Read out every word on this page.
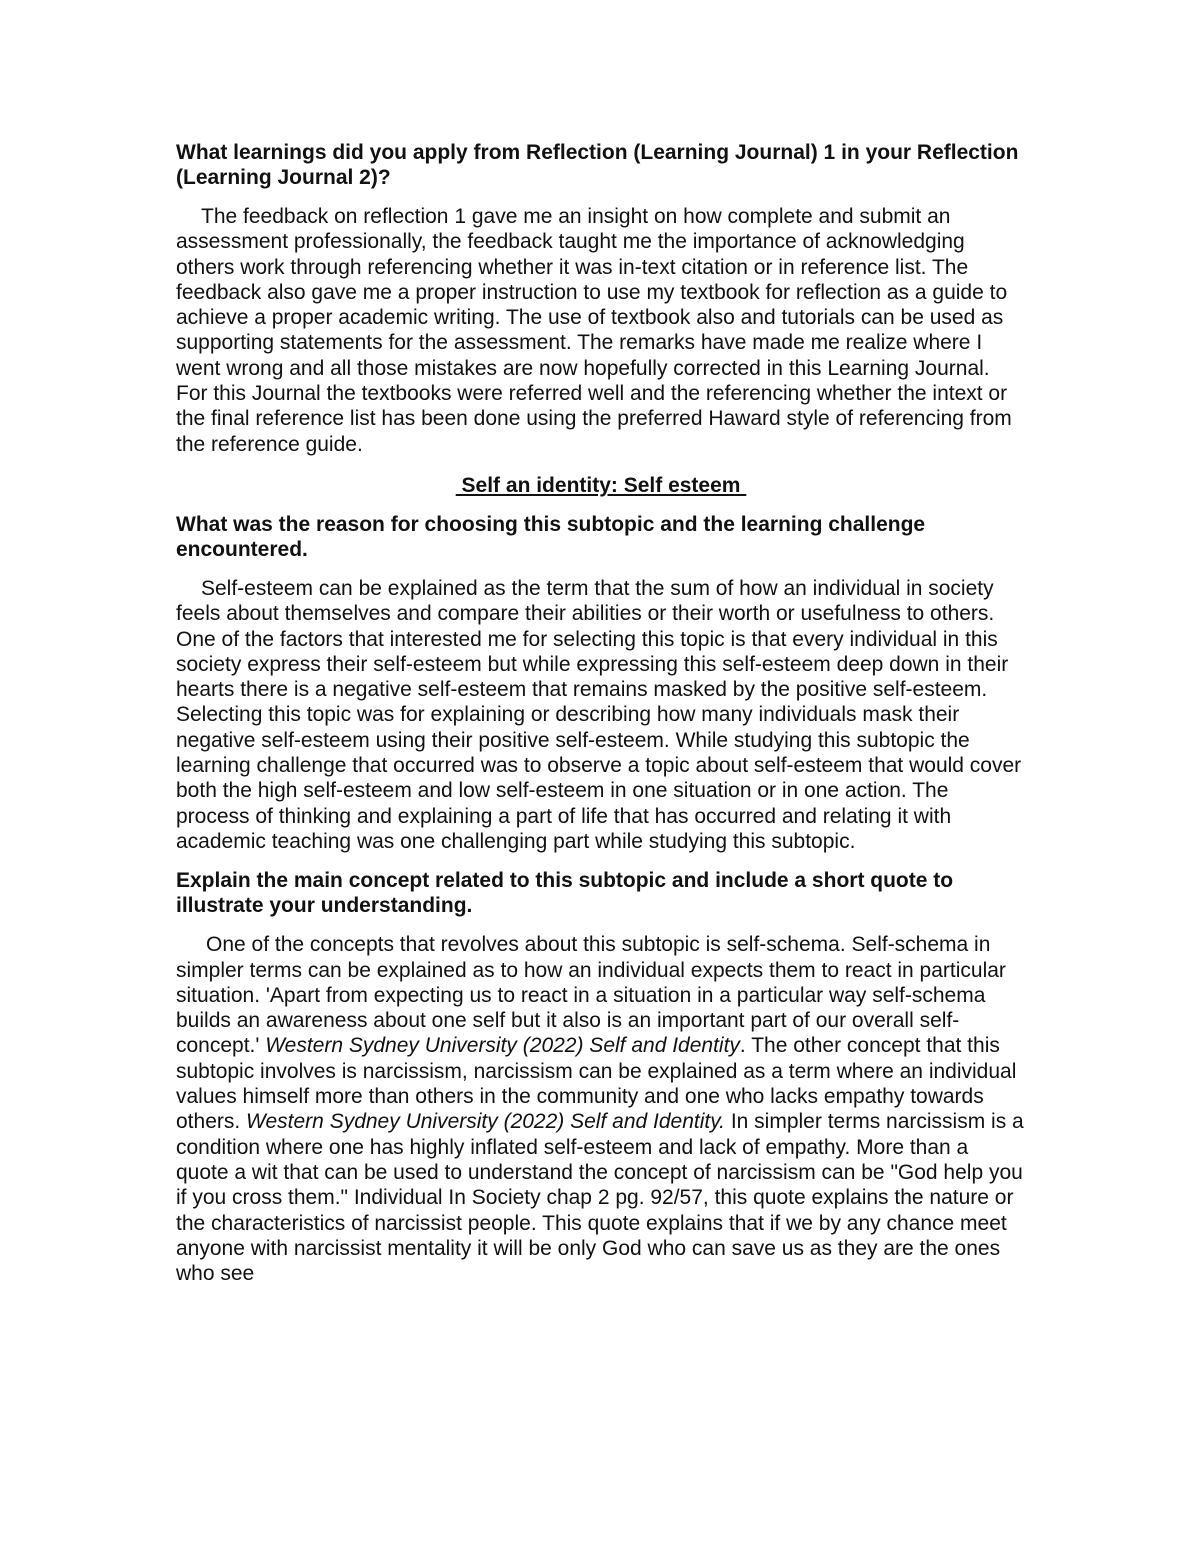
What learnings did you apply from Reflection (Learning Journal) 1 in your Reflection (Learning Journal 2)?

The feedback on reflection 1 gave me an insight on how complete and submit an assessment professionally, the feedback taught me the importance of acknowledging others work through referencing whether it was in-text citation or in reference list. The feedback also gave me a proper instruction to use my textbook for reflection as a guide to achieve a proper academic writing. The use of textbook also and tutorials can be used as supporting statements for the assessment. The remarks have made me realize where I went wrong and all those mistakes are now hopefully corrected in this Learning Journal. For this Journal the textbooks were referred well and the referencing whether the intext or the final reference list has been done using the preferred Haward style of referencing from the reference guide.

Self an identity: Self esteem

What was the reason for choosing this subtopic and the learning challenge encountered.

Self-esteem can be explained as the term that the sum of how an individual in society feels about themselves and compare their abilities or their worth or usefulness to others. One of the factors that interested me for selecting this topic is that every individual in this society express their self-esteem but while expressing this self-esteem deep down in their hearts there is a negative self-esteem that remains masked by the positive self-esteem. Selecting this topic was for explaining or describing how many individuals mask their negative self-esteem using their positive self-esteem. While studying this subtopic the learning challenge that occurred was to observe a topic about self-esteem that would cover both the high self-esteem and low self-esteem in one situation or in one action. The process of thinking and explaining a part of life that has occurred and relating it with academic teaching was one challenging part while studying this subtopic.

Explain the main concept related to this subtopic and include a short quote to illustrate your understanding.

One of the concepts that revolves about this subtopic is self-schema. Self-schema in simpler terms can be explained as to how an individual expects them to react in particular situation. 'Apart from expecting us to react in a situation in a particular way self-schema builds an awareness about one self but it also is an important part of our overall self-concept.' Western Sydney University (2022) Self and Identity. The other concept that this subtopic involves is narcissism, narcissism can be explained as a term where an individual values himself more than others in the community and one who lacks empathy towards others. Western Sydney University (2022) Self and Identity. In simpler terms narcissism is a condition where one has highly inflated self-esteem and lack of empathy. More than a quote a wit that can be used to understand the concept of narcissism can be "God help you if you cross them." Individual In Society chap 2 pg. 92/57, this quote explains the nature or the characteristics of narcissist people. This quote explains that if we by any chance meet anyone with narcissist mentality it will be only God who can save us as they are the ones who see
